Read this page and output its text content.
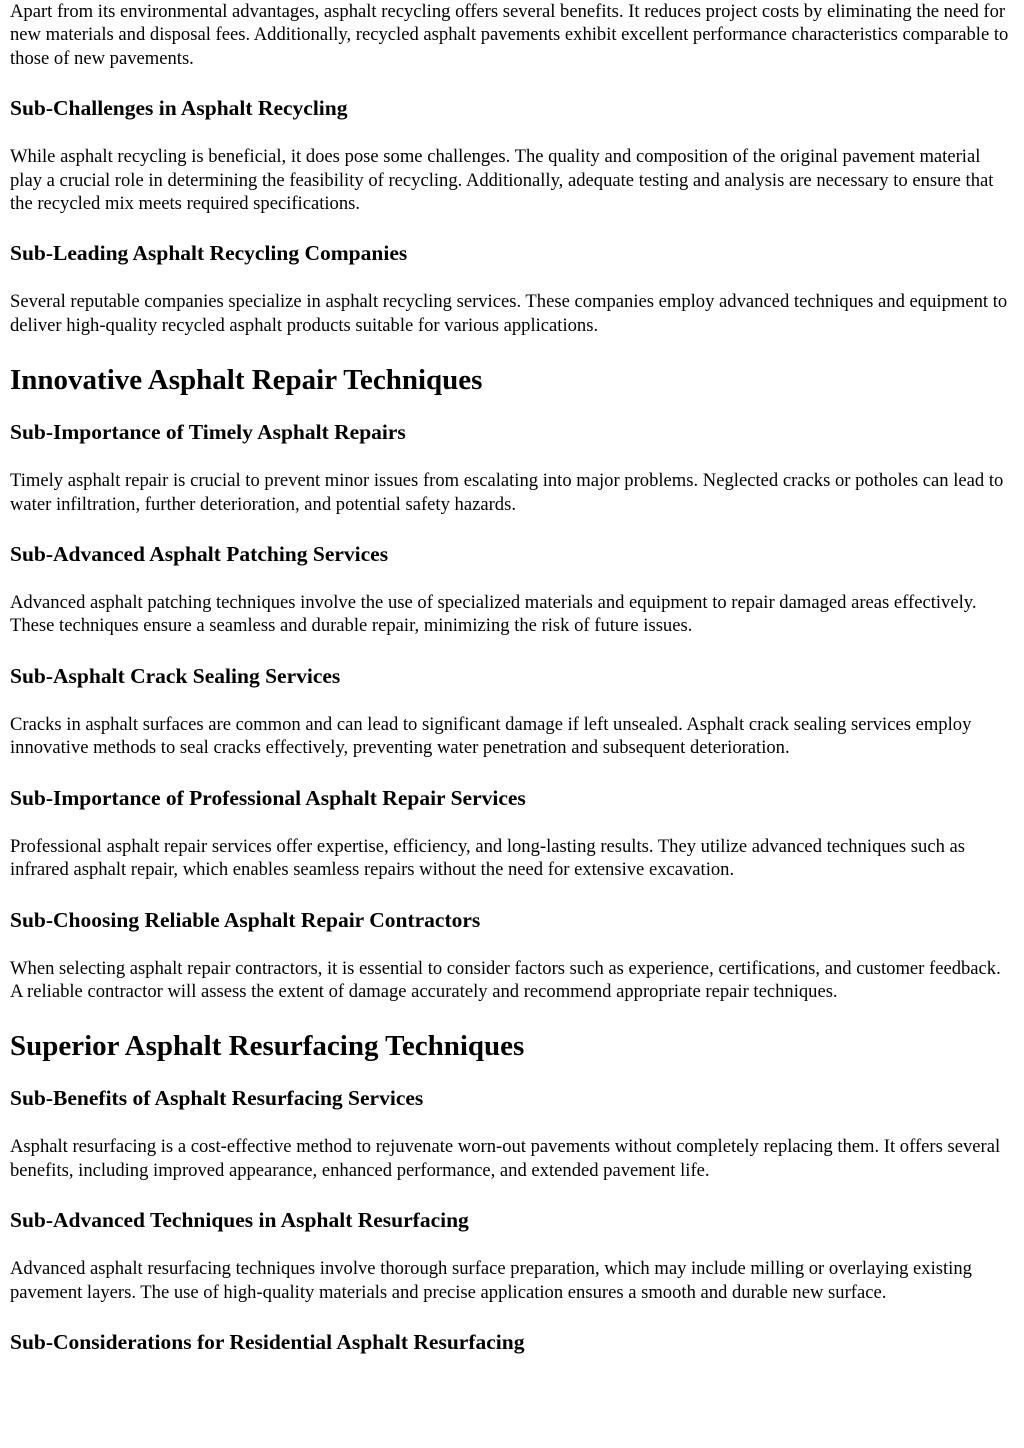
Apart from its environmental advantages, asphalt recycling offers several benefits. It reduces project costs by eliminating the need for new materials and disposal fees. Additionally, recycled asphalt pavements exhibit excellent performance characteristics comparable to those of new pavements.

Sub-Challenges in Asphalt Recycling

While asphalt recycling is beneficial, it does pose some challenges. The quality and composition of the original pavement material play a crucial role in determining the feasibility of recycling. Additionally, adequate testing and analysis are necessary to ensure that the recycled mix meets required specifications.

Sub-Leading Asphalt Recycling Companies

Several reputable companies specialize in asphalt recycling services. These companies employ advanced techniques and equipment to deliver high-quality recycled asphalt products suitable for various applications.

Innovative Asphalt Repair Techniques
Sub-Importance of Timely Asphalt Repairs

Timely asphalt repair is crucial to prevent minor issues from escalating into major problems. Neglected cracks or potholes can lead to water infiltration, further deterioration, and potential safety hazards.

Sub-Advanced Asphalt Patching Services

Advanced asphalt patching techniques involve the use of specialized materials and equipment to repair damaged areas effectively. These techniques ensure a seamless and durable repair, minimizing the risk of future issues.

Sub-Asphalt Crack Sealing Services

Cracks in asphalt surfaces are common and can lead to significant damage if left unsealed. Asphalt crack sealing services employ innovative methods to seal cracks effectively, preventing water penetration and subsequent deterioration.

Sub-Importance of Professional Asphalt Repair Services

Professional asphalt repair services offer expertise, efficiency, and long-lasting results. They utilize advanced techniques such as infrared asphalt repair, which enables seamless repairs without the need for extensive excavation.

Sub-Choosing Reliable Asphalt Repair Contractors

When selecting asphalt repair contractors, it is essential to consider factors such as experience, certifications, and customer feedback. A reliable contractor will assess the extent of damage accurately and recommend appropriate repair techniques.

Superior Asphalt Resurfacing Techniques
Sub-Benefits of Asphalt Resurfacing Services

Asphalt resurfacing is a cost-effective method to rejuvenate worn-out pavements without completely replacing them. It offers several benefits, including improved appearance, enhanced performance, and extended pavement life.

Sub-Advanced Techniques in Asphalt Resurfacing

Advanced asphalt resurfacing techniques involve thorough surface preparation, which may include milling or overlaying existing pavement layers. The use of high-quality materials and precise application ensures a smooth and durable new surface.

Sub-Considerations for Residential Asphalt Resurfacing
